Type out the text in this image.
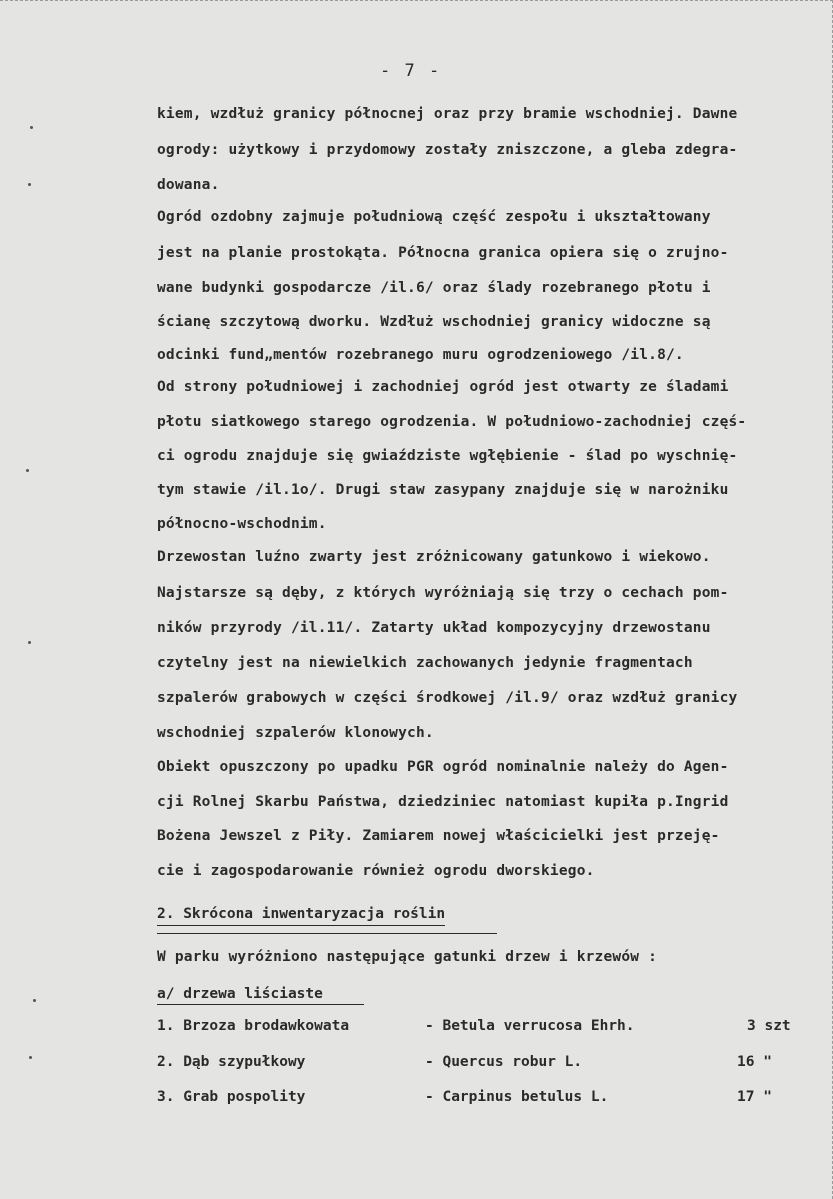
- 7 -
kiem, wzdłuż granicy północnej oraz przy bramie wschodniej. Dawne
ogrody: użytkowy i przydomowy zostały zniszczone, a gleba zdegra-
dowana.
Ogród ozdobny zajmuje południową część zespołu i ukształtowany
jest na planie prostokąta. Północna granica opiera się o zrujno-
wane budynki gospodarcze /il.6/ oraz ślady rozebranego płotu i
ścianę szczytową dworku. Wzdłuż wschodniej granicy widoczne są
odcinki fund„mentów rozebranego muru ogrodzeniowego /il.8/.
Od strony południowej i zachodniej ogród jest otwarty ze śladami
płotu siatkowego starego ogrodzenia. W południowo-zachodniej częś-
ci ogrodu znajduje się gwiaździste wgłębienie - ślad po wyschnię-
tym stawie /il.1o/. Drugi staw zasypany znajduje się w narożniku
północno-wschodnim.
Drzewostan luźno zwarty jest zróżnicowany gatunkowo i wiekowo.
Najstarsze są dęby, z których wyróżniają się trzy o cechach pom-
ników przyrody /il.11/. Zatarty układ kompozycyjny drzewostanu
czytelny jest na niewielkich zachowanych jedynie fragmentach
szpalerów grabowych w części środkowej /il.9/ oraz wzdłuż granicy
wschodniej szpalerów klonowych.
Obiekt opuszczony po upadku PGR ogród nominalnie należy do Agen-
cji Rolnej Skarbu Państwa, dziedziniec natomiast kupiła p.Ingrid
Bożena Jewszel z Piły. Zamiarem nowej właścicielki jest przeję-
cie i zagospodarowanie również ogrodu dworskiego.
2. Skrócona inwentaryzacja roślin
W parku wyróżniono następujące gatunki drzew i krzewów :
a/ drzewa liściaste
1. Brzoza brodawkowata	- Betula verrucosa Ehrh.	3 szt
2. Dąb szypułkowy	- Quercus robur L.	16 "
3. Grab pospolity	- Carpinus betulus L.	17 "
